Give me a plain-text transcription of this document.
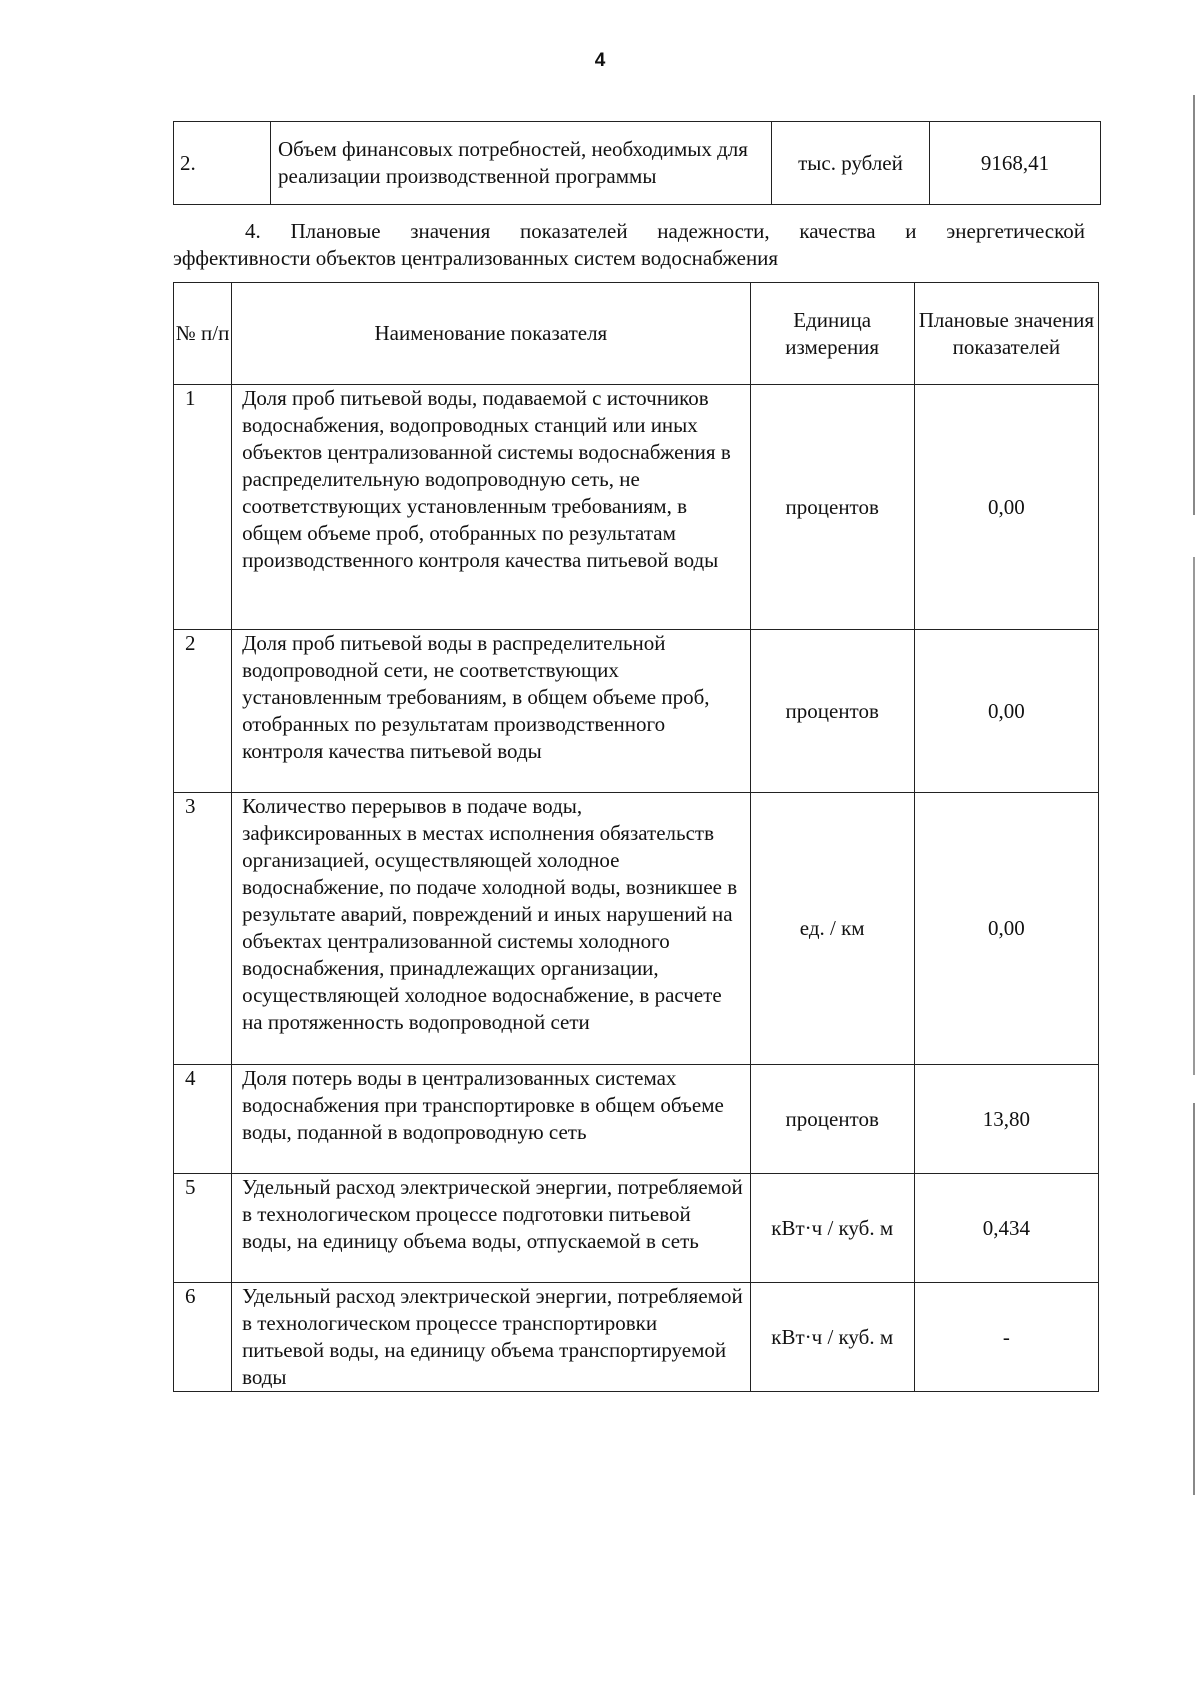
4
2.	Объем финансовых потребностей, необходимых для реализации производственной программы	тыс. рублей	9168,41
4. Плановые значения показателей надежности, качества и энергетической
эффективности объектов централизованных систем водоснабжения
№ п/п	Наименование показателя	Единица измерения	Плановые значения показателей
1	Доля проб питьевой воды, подаваемой с источников водоснабжения, водопроводных станций или иных объектов централизованной системы водоснабжения в распределительную водопроводную сеть, не соответствующих установленным требованиям, в общем объеме проб, отобранных по результатам производственного контроля качества питьевой воды	процентов	0,00
2	Доля проб питьевой воды в распределительной водопроводной сети, не соответствующих установленным требованиям, в общем объеме проб, отобранных по результатам производственного контроля качества питьевой воды	процентов	0,00
3	Количество перерывов в подаче воды, зафиксированных в местах исполнения обязательств организацией, осуществляющей холодное водоснабжение, по подаче холодной воды, возникшее в результате аварий, повреждений и иных нарушений на объектах централизованной системы холодного водоснабжения, принадлежащих организации, осуществляющей холодное водоснабжение, в расчете на протяженность водопроводной сети	ед. / км	0,00
4	Доля потерь воды в централизованных системах водоснабжения при транспортировке в общем объеме воды, поданной в водопроводную сеть	процентов	13,80
5	Удельный расход электрической энергии, потребляемой в технологическом процессе подготовки питьевой воды, на единицу объема воды, отпускаемой в сеть	кВт·ч / куб. м	0,434
6	Удельный расход электрической энергии, потребляемой в технологическом процессе транспортировки питьевой воды, на единицу объема транспортируемой воды	кВт·ч / куб. м	-
